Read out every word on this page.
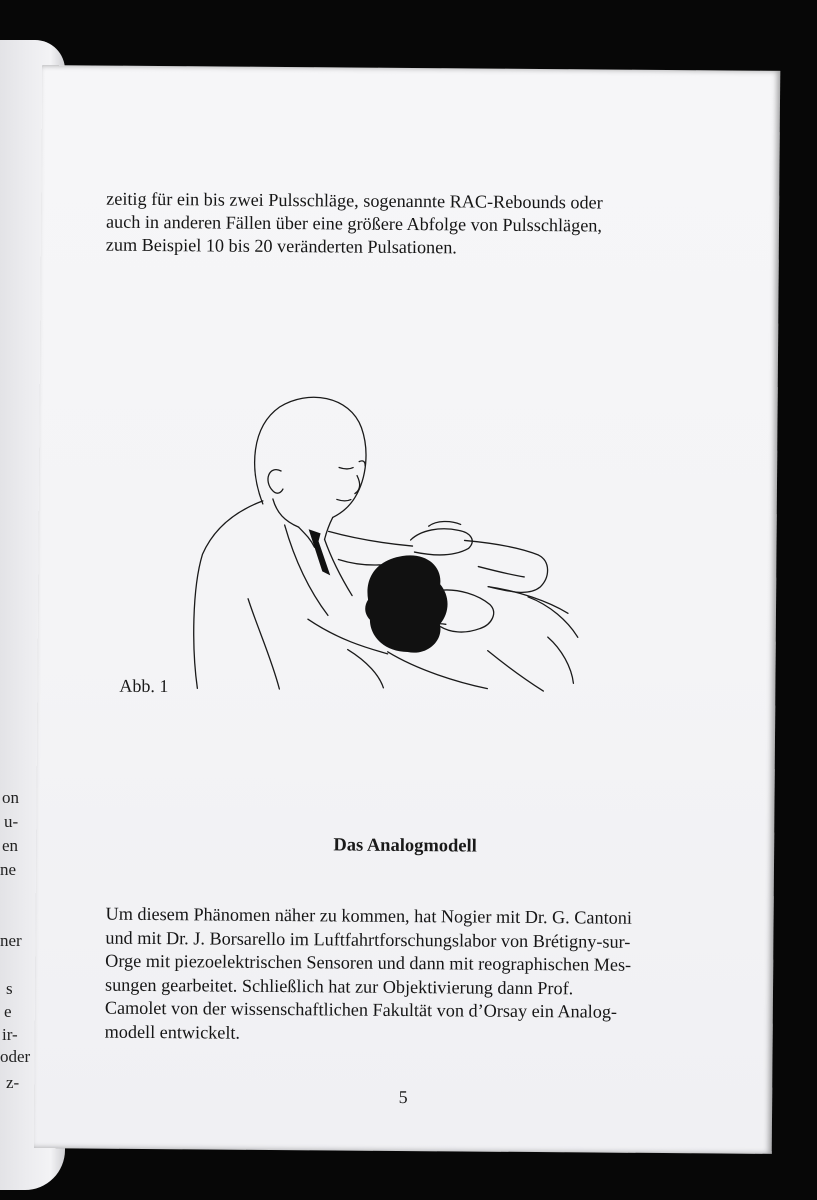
on
u-
en
ne
ner
s
e
ir-
oder
z-

zeitig für ein bis zwei Pulsschläge, sogenannte RAC-Rebounds oder
auch in anderen Fällen über eine größere Abfolge von Pulsschlägen,
zum Beispiel 10 bis 20 veränderten Pulsationen.

Abb. 1
Das Analogmodell

Um diesem Phänomen näher zu kommen, hat Nogier mit Dr. G. Cantoni
und mit Dr. J. Borsarello im Luftfahrtforschungslabor von Brétigny-sur-
Orge mit piezoelektrischen Sensoren und dann mit reographischen Mes-
sungen gearbeitet. Schließlich hat zur Objektivierung dann Prof.
Camolet von der wissenschaftlichen Fakultät von d’Orsay ein Analog-
modell entwickelt.

5
